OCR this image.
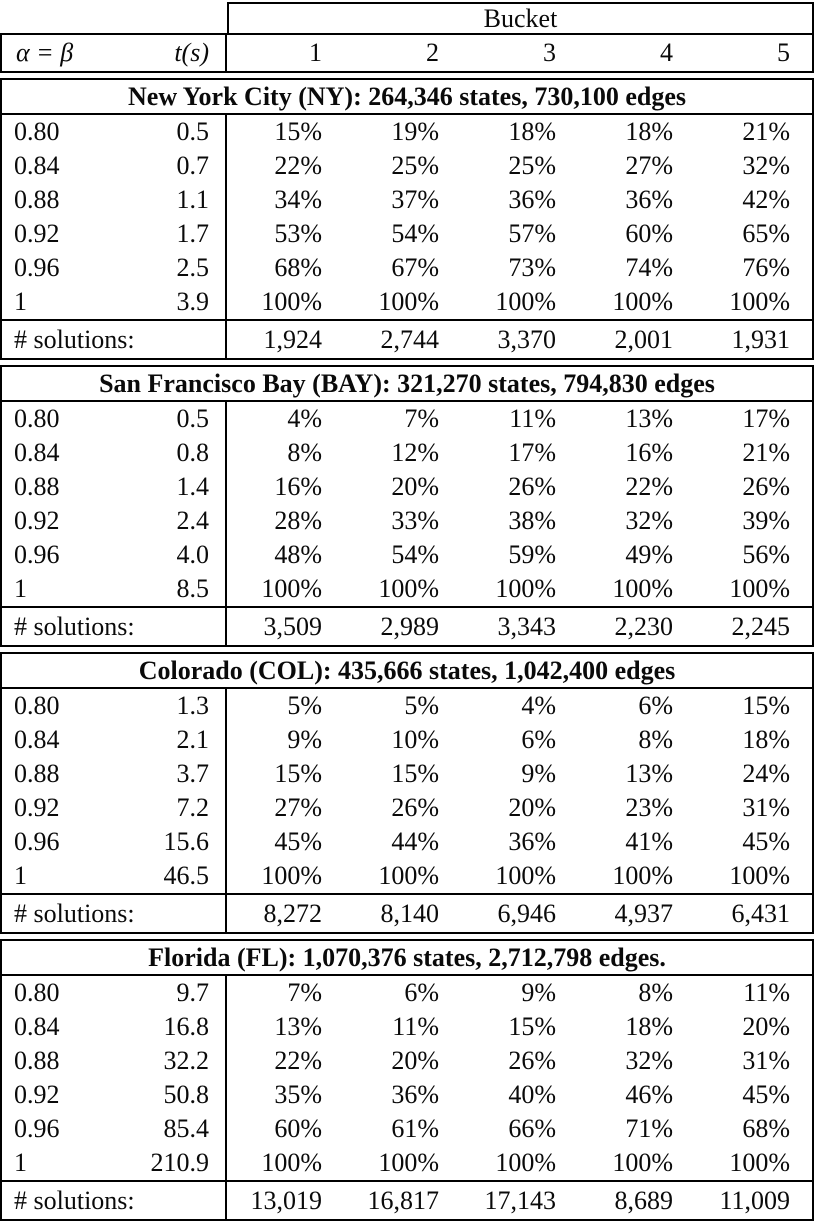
Bucket
α = β	t(s)	1	2	3	4	5
New York City (NY): 264,346 states, 730,100 edges
0.80	0.5	15%	19%	18%	18%	21%
0.84	0.7	22%	25%	25%	27%	32%
0.88	1.1	34%	37%	36%	36%	42%
0.92	1.7	53%	54%	57%	60%	65%
0.96	2.5	68%	67%	73%	74%	76%
1	3.9	100%	100%	100%	100%	100%
# solutions:	1,924	2,744	3,370	2,001	1,931
San Francisco Bay (BAY): 321,270 states, 794,830 edges
0.80	0.5	4%	7%	11%	13%	17%
0.84	0.8	8%	12%	17%	16%	21%
0.88	1.4	16%	20%	26%	22%	26%
0.92	2.4	28%	33%	38%	32%	39%
0.96	4.0	48%	54%	59%	49%	56%
1	8.5	100%	100%	100%	100%	100%
# solutions:	3,509	2,989	3,343	2,230	2,245
Colorado (COL): 435,666 states, 1,042,400 edges
0.80	1.3	5%	5%	4%	6%	15%
0.84	2.1	9%	10%	6%	8%	18%
0.88	3.7	15%	15%	9%	13%	24%
0.92	7.2	27%	26%	20%	23%	31%
0.96	15.6	45%	44%	36%	41%	45%
1	46.5	100%	100%	100%	100%	100%
# solutions:	8,272	8,140	6,946	4,937	6,431
Florida (FL): 1,070,376 states, 2,712,798 edges.
0.80	9.7	7%	6%	9%	8%	11%
0.84	16.8	13%	11%	15%	18%	20%
0.88	32.2	22%	20%	26%	32%	31%
0.92	50.8	35%	36%	40%	46%	45%
0.96	85.4	60%	61%	66%	71%	68%
1	210.9	100%	100%	100%	100%	100%
# solutions:	13,019	16,817	17,143	8,689	11,009
